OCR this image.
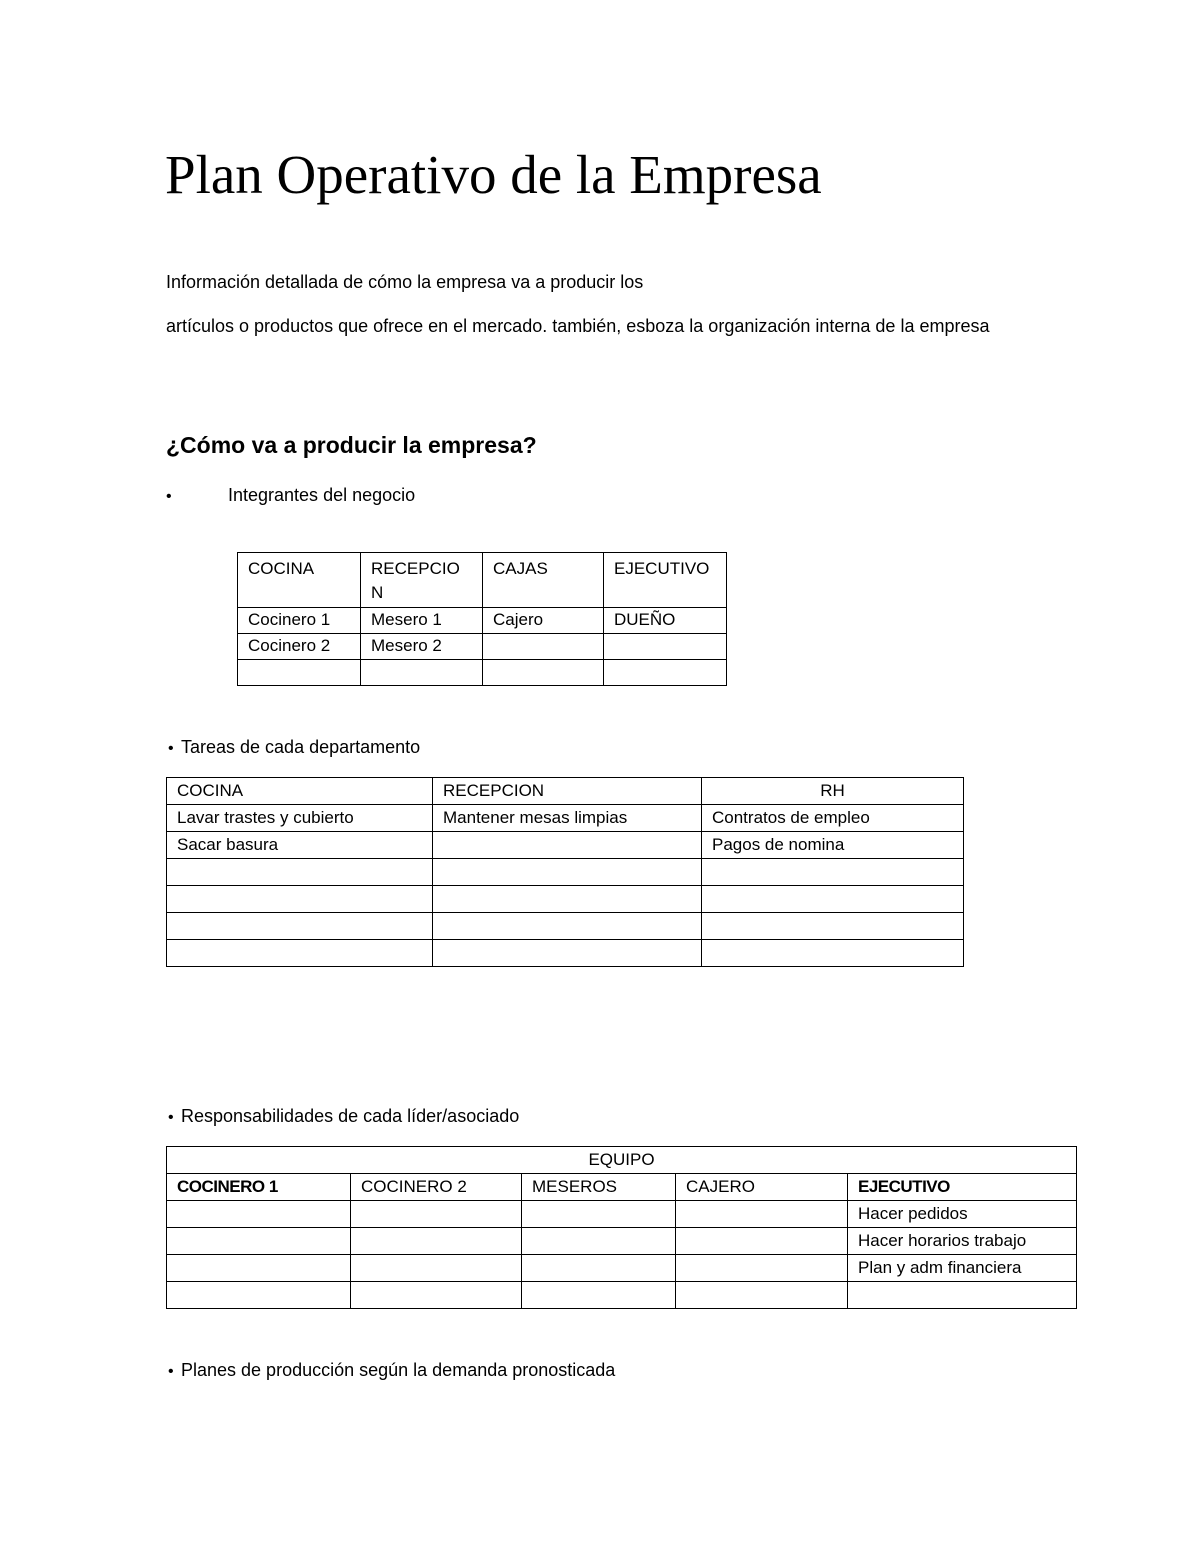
Plan Operativo de la Empresa
Información detallada de cómo la empresa va a producir los
artículos o productos que ofrece en el mercado. también, esboza la organización interna de la empresa
¿Cómo va a producir la empresa?
•	Integrantes del negocio
COCINA	RECEPCIO N	CAJAS	EJECUTIVO
Cocinero 1	Mesero 1	Cajero	DUEÑO
Cocinero 2	Mesero 2		

• Tareas de cada departamento
COCINA	RECEPCION	RH
Lavar trastes y cubierto	Mantener mesas limpias	Contratos de empleo
Sacar basura		Pagos de nomina

• Responsabilidades de cada líder/asociado
EQUIPO				
COCINERO 1	COCINERO 2	MESEROS	CAJERO	EJECUTIVO
				Hacer pedidos
				Hacer horarios trabajo
				Plan y adm financiera

• Planes de producción según la demanda pronosticada
